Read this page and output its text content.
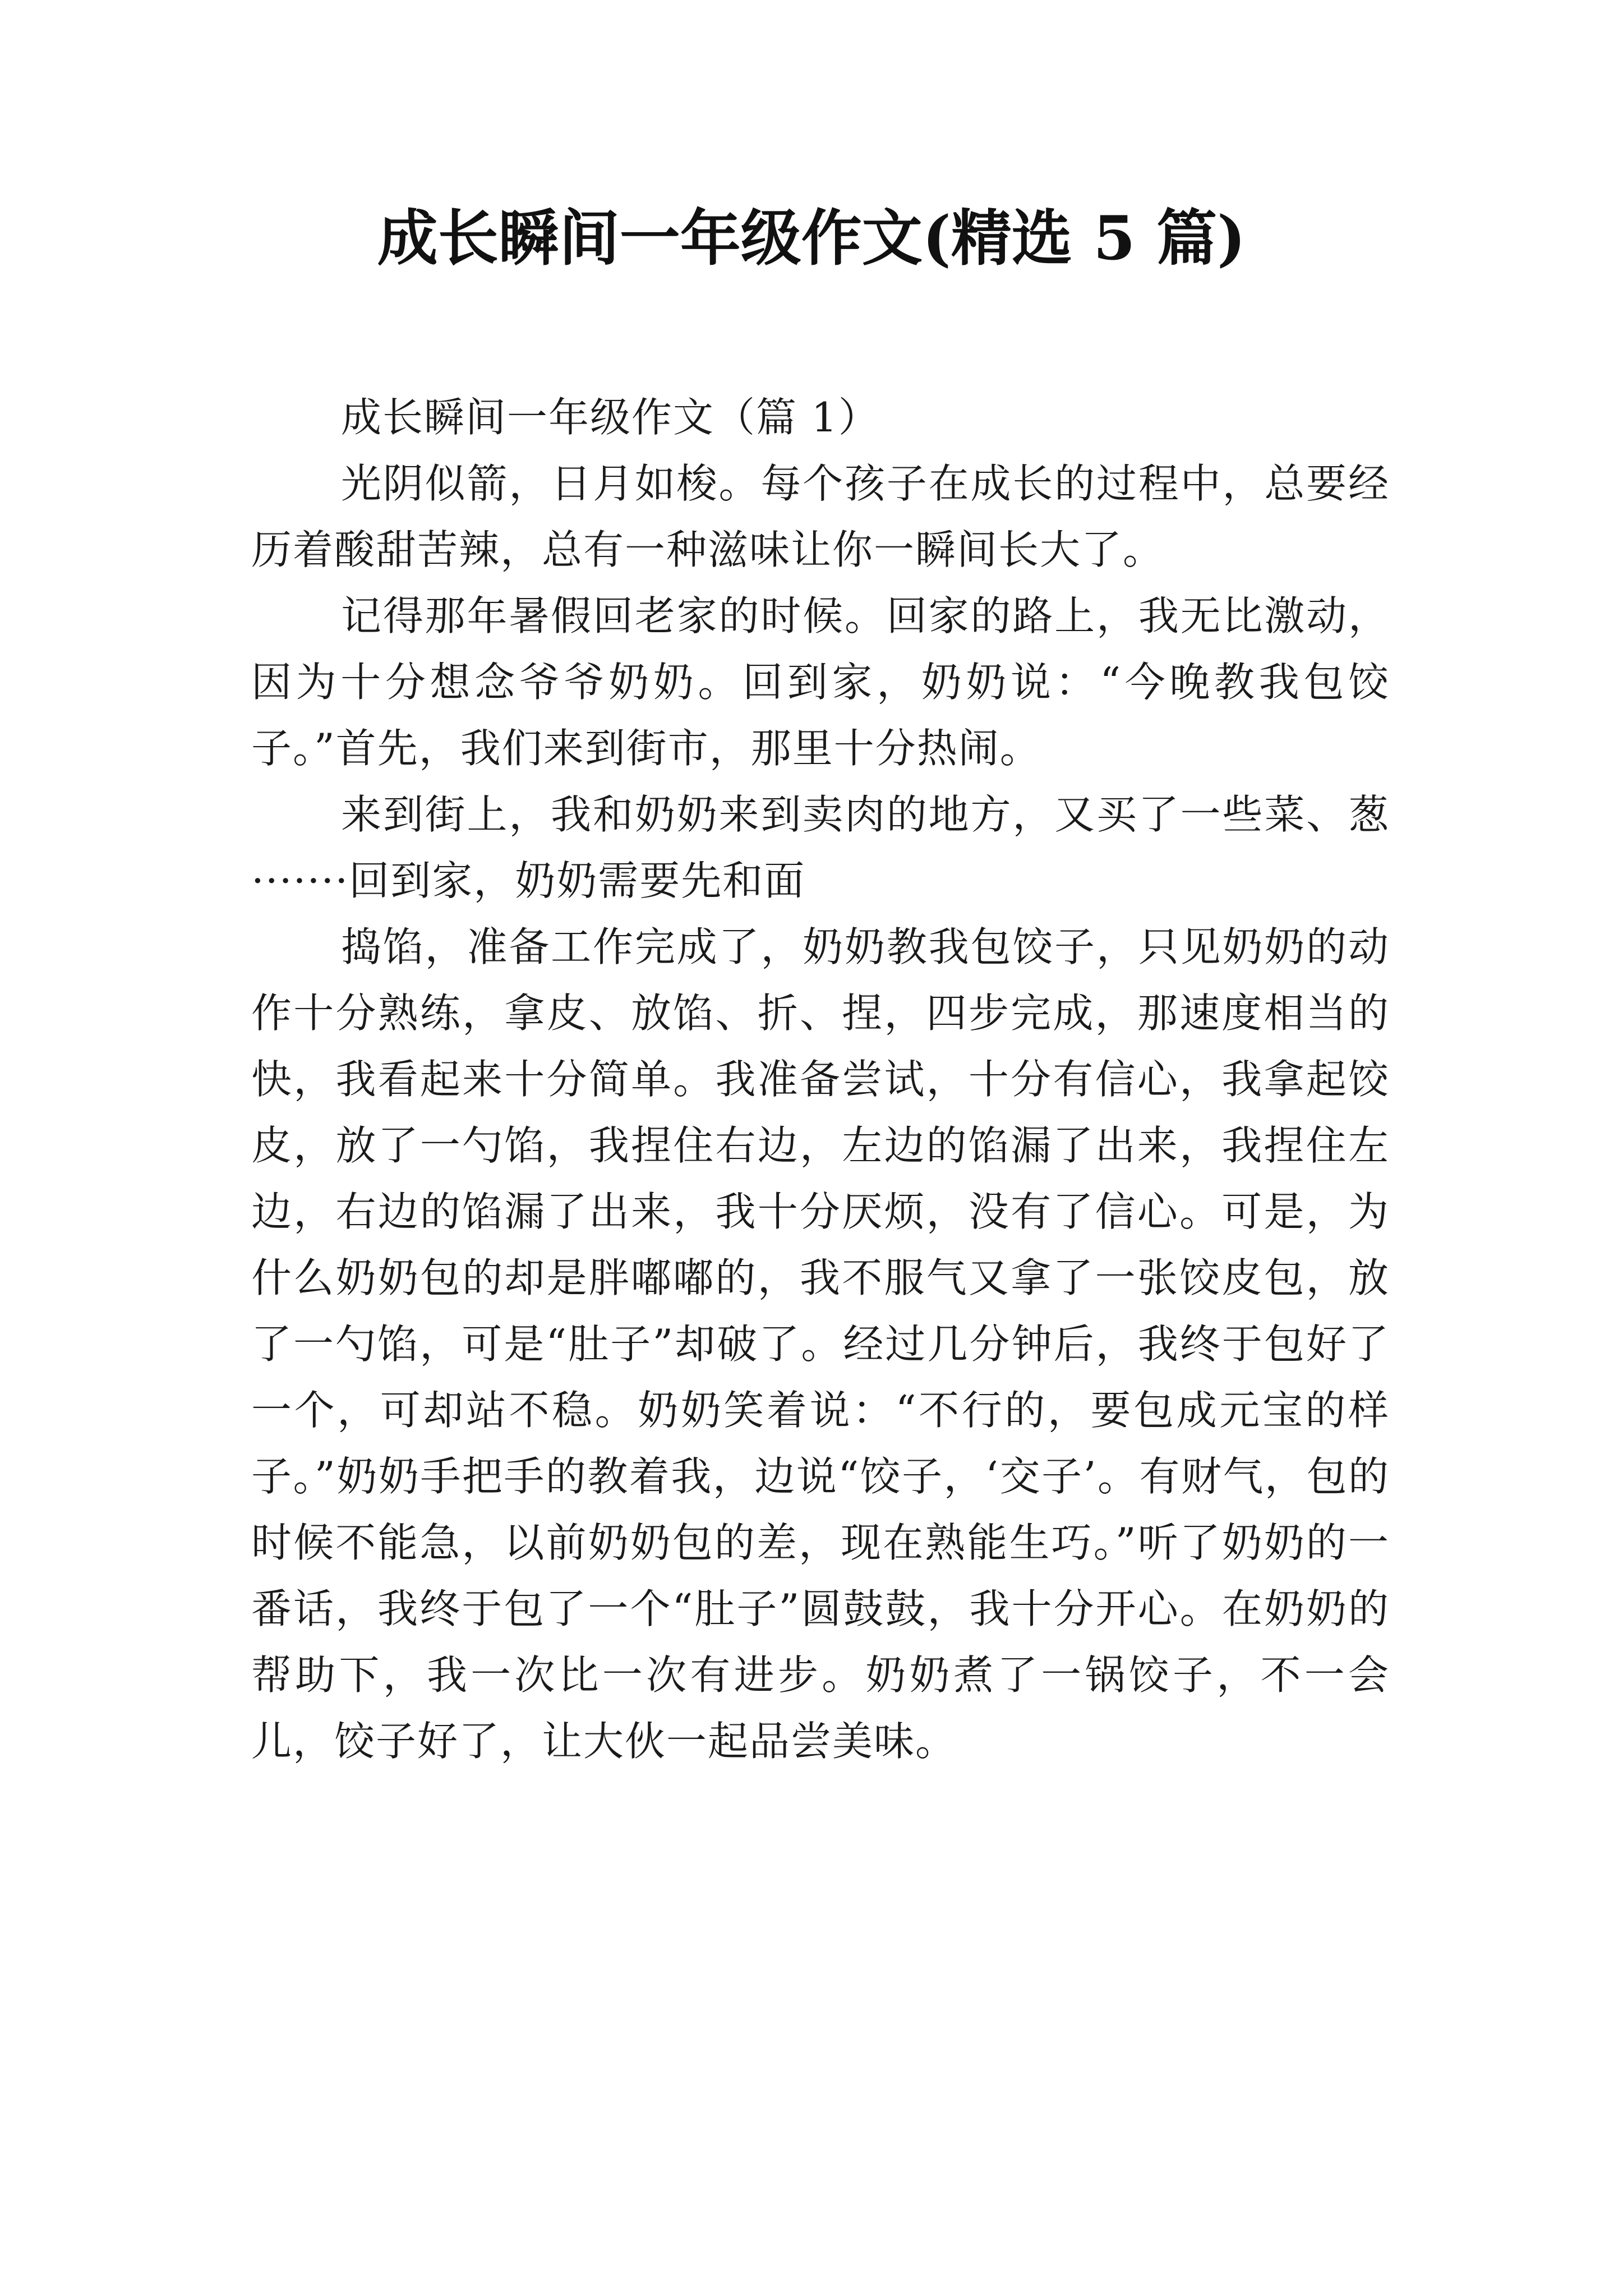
成长瞬间一年级作文(精选 5 篇)

成长瞬间一年级作文（篇 1）

光阴似箭，日月如梭。每个孩子在成长的过程中，总要经历着酸甜苦辣，总有一种滋味让你一瞬间长大了。

记得那年暑假回老家的时候。回家的路上，我无比激动，因为十分想念爷爷奶奶。回到家，奶奶说：“今晚教我包饺子。”首先，我们来到街市，那里十分热闹。

来到街上，我和奶奶来到卖肉的地方，又买了一些菜、葱·······回到家，奶奶需要先和面

捣馅，准备工作完成了，奶奶教我包饺子，只见奶奶的动作十分熟练，拿皮、放馅、折、捏，四步完成，那速度相当的快，我看起来十分简单。我准备尝试，十分有信心，我拿起饺皮，放了一勺馅，我捏住右边，左边的馅漏了出来，我捏住左边，右边的馅漏了出来，我十分厌烦，没有了信心。可是，为什么奶奶包的却是胖嘟嘟的，我不服气又拿了一张饺皮包，放了一勺馅，可是“肚子”却破了。经过几分钟后，我终于包好了一个，可却站不稳。奶奶笑着说：“不行的，要包成元宝的样子。”奶奶手把手的教着我，边说“饺子，‘交子’。有财气，包的时候不能急，以前奶奶包的差，现在熟能生巧。”听了奶奶的一番话，我终于包了一个“肚子”圆鼓鼓，我十分开心。在奶奶的帮助下，我一次比一次有进步。奶奶煮了一锅饺子，不一会儿，饺子好了，让大伙一起品尝美味。
